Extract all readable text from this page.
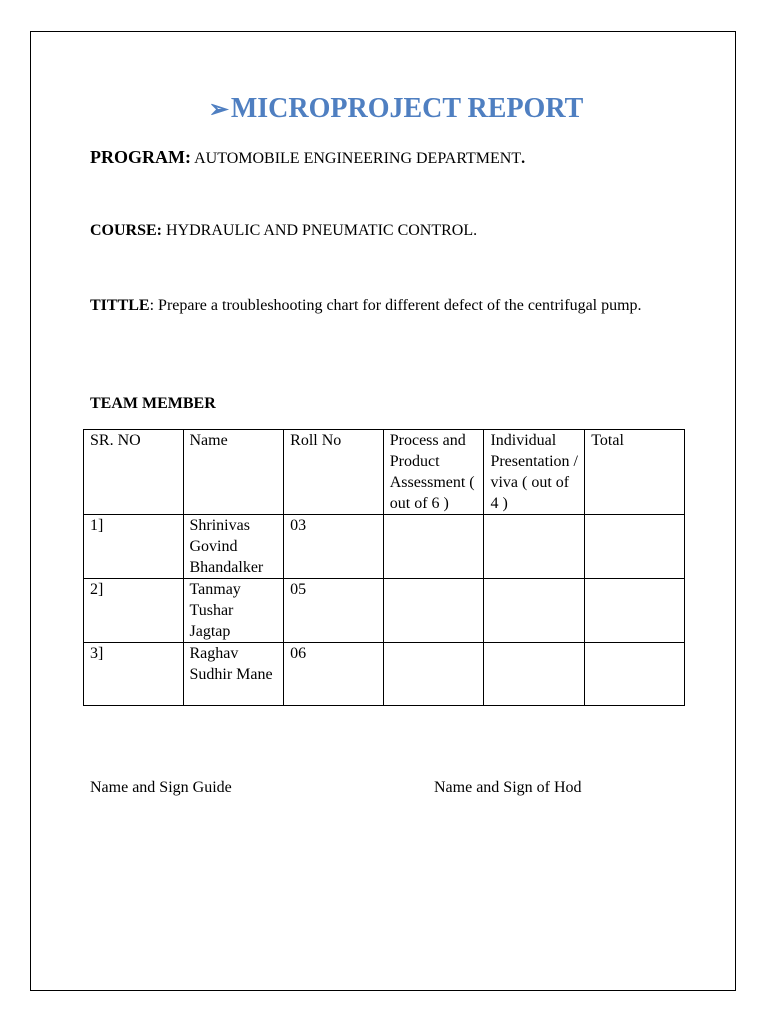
➢MICROPROJECT REPORT
PROGRAM: AUTOMOBILE ENGINEERING DEPARTMENT.
COURSE: HYDRAULIC AND PNEUMATIC CONTROL.
TITTLE: Prepare a troubleshooting chart for different defect of the centrifugal pump.
TEAM MEMBER
SR. NO	Name	Roll No	Process and Product Assessment ( out of 6 )	Individual Presentation / viva ( out of 4 )	Total
1]	Shrinivas Govind Bhandalker	03			
2]	Tanmay Tushar Jagtap	05			
3]	Raghav Sudhir Mane	06			
Name and Sign Guide	Name and Sign of Hod
